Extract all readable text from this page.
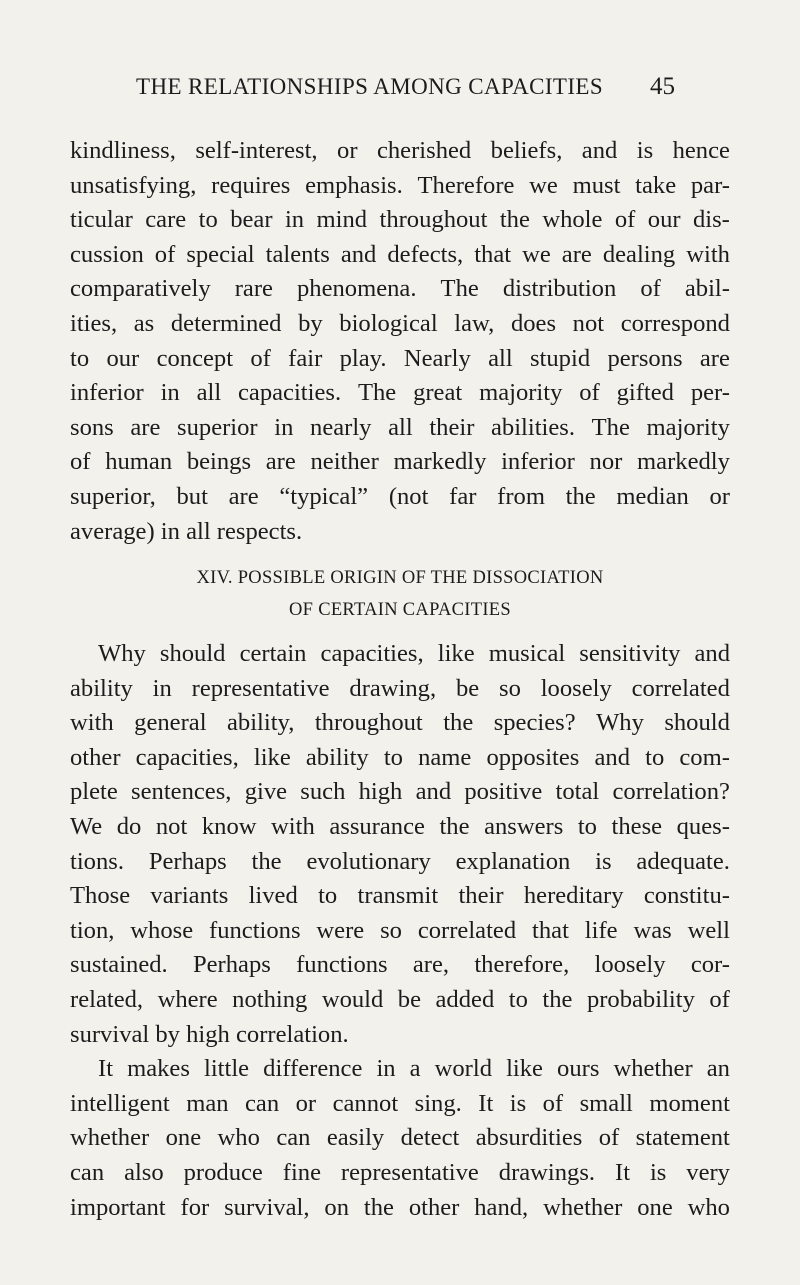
THE RELATIONSHIPS AMONG CAPACITIES	45
kindliness, self-interest, or cherished beliefs, and is hence
unsatisfying, requires emphasis. Therefore we must take par-
ticular care to bear in mind throughout the whole of our dis-
cussion of special talents and defects, that we are dealing with
comparatively rare phenomena. The distribution of abil-
ities, as determined by biological law, does not correspond
to our concept of fair play. Nearly all stupid persons are
inferior in all capacities. The great majority of gifted per-
sons are superior in nearly all their abilities. The majority
of human beings are neither markedly inferior nor markedly
superior, but are “typical” (not far from the median or
average) in all respects.
XIV. POSSIBLE ORIGIN OF THE DISSOCIATION
OF CERTAIN CAPACITIES
Why should certain capacities, like musical sensitivity and
ability in representative drawing, be so loosely correlated
with general ability, throughout the species? Why should
other capacities, like ability to name opposites and to com-
plete sentences, give such high and positive total correlation?
We do not know with assurance the answers to these ques-
tions. Perhaps the evolutionary explanation is adequate.
Those variants lived to transmit their hereditary constitu-
tion, whose functions were so correlated that life was well
sustained. Perhaps functions are, therefore, loosely cor-
related, where nothing would be added to the probability of
survival by high correlation.
It makes little difference in a world like ours whether an
intelligent man can or cannot sing. It is of small moment
whether one who can easily detect absurdities of statement
can also produce fine representative drawings. It is very
important for survival, on the other hand, whether one who
